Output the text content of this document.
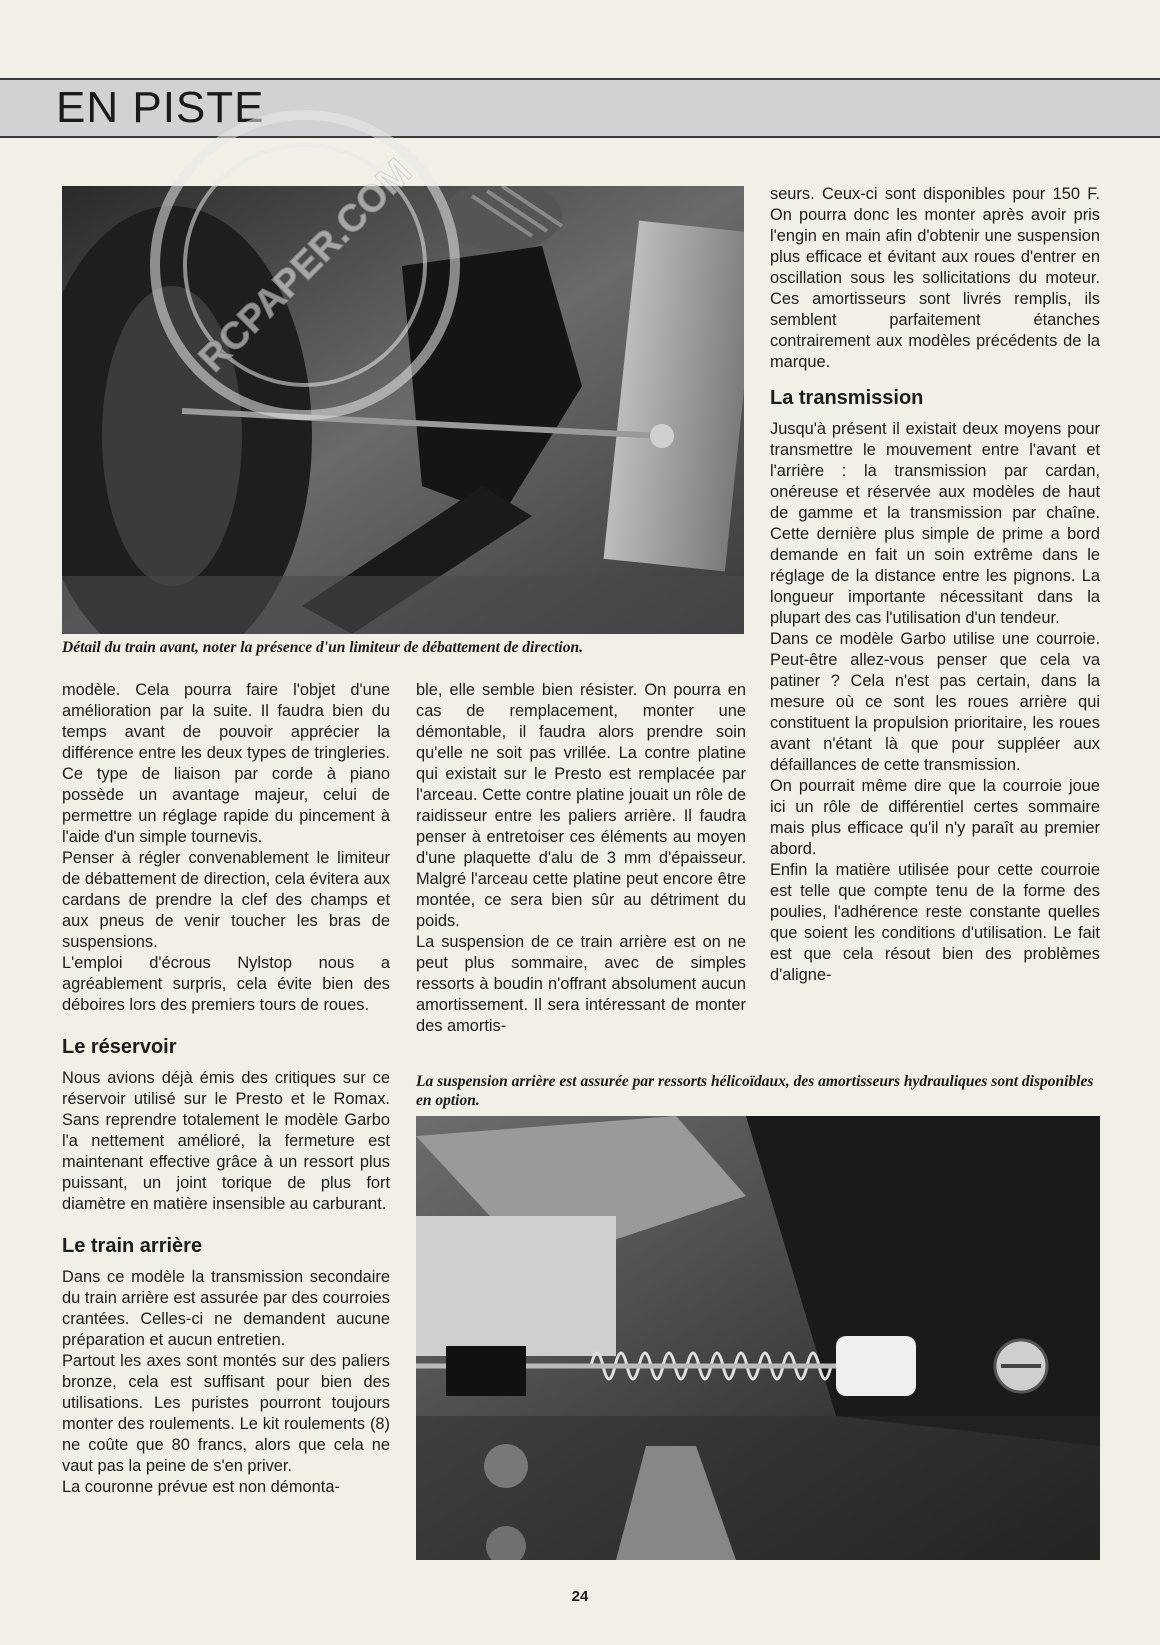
EN PISTE
Détail du train avant, noter la présence d'un limiteur de débattement de direction.
RCPAPER.COM

modèle. Cela pourra faire l'objet d'une amélioration par la suite. Il faudra bien du temps avant de pouvoir apprécier la différence entre les deux types de tringleries. Ce type de liaison par corde à piano possède un avantage majeur, celui de permettre un réglage rapide du pincement à l'aide d'un simple tournevis.

Penser à régler convenablement le limiteur de débattement de direction, cela évitera aux cardans de prendre la clef des champs et aux pneus de venir toucher les bras de suspensions.

L'emploi d'écrous Nylstop nous a agréablement surpris, cela évite bien des déboires lors des premiers tours de roues.

Le réservoir

Nous avions déjà émis des critiques sur ce réservoir utilisé sur le Presto et le Romax. Sans reprendre totalement le modèle Garbo l'a nettement amélioré, la fermeture est maintenant effective grâce à un ressort plus puissant, un joint torique de plus fort diamètre en matière insensible au carburant.

Le train arrière

Dans ce modèle la transmission secondaire du train arrière est assurée par des courroies crantées. Celles-ci ne demandent aucune préparation et aucun entretien.

Partout les axes sont montés sur des paliers bronze, cela est suffisant pour bien des utilisations. Les puristes pourront toujours monter des roulements. Le kit roulements (8) ne coûte que 80 francs, alors que cela ne vaut pas la peine de s'en priver.

La couronne prévue est non démonta-

ble, elle semble bien résister. On pourra en cas de remplacement, monter une démontable, il faudra alors prendre soin qu'elle ne soit pas vrillée. La contre platine qui existait sur le Presto est remplacée par l'arceau. Cette contre platine jouait un rôle de raidisseur entre les paliers arrière. Il faudra penser à entretoiser ces éléments au moyen d'une plaquette d'alu de 3 mm d'épaisseur. Malgré l'arceau cette platine peut encore être montée, ce sera bien sûr au détriment du poids.

La suspension de ce train arrière est on ne peut plus sommaire, avec de simples ressorts à boudin n'offrant absolument aucun amortissement. Il sera intéressant de monter des amortis-

seurs. Ceux-ci sont disponibles pour 150 F. On pourra donc les monter après avoir pris l'engin en main afin d'obtenir une suspension plus efficace et évitant aux roues d'entrer en oscillation sous les sollicitations du moteur. Ces amortisseurs sont livrés remplis, ils semblent parfaitement étanches contrairement aux modèles précédents de la marque.

La transmission

Jusqu'à présent il existait deux moyens pour transmettre le mouvement entre l'avant et l'arrière : la transmission par cardan, onéreuse et réservée aux modèles de haut de gamme et la transmission par chaîne. Cette dernière plus simple de prime a bord demande en fait un soin extrême dans le réglage de la distance entre les pignons. La longueur importante nécessitant dans la plupart des cas l'utilisation d'un tendeur.

Dans ce modèle Garbo utilise une courroie. Peut-être allez-vous penser que cela va patiner ? Cela n'est pas certain, dans la mesure où ce sont les roues arrière qui constituent la propulsion prioritaire, les roues avant n'étant là que pour suppléer aux défaillances de cette transmission.

On pourrait même dire que la courroie joue ici un rôle de différentiel certes sommaire mais plus efficace qu'il n'y paraît au premier abord.

Enfin la matière utilisée pour cette courroie est telle que compte tenu de la forme des poulies, l'adhérence reste constante quelles que soient les conditions d'utilisation. Le fait est que cela résout bien des problèmes d'aligne-

La suspension arrière est assurée par ressorts hélicoïdaux, des amortisseurs hydrauliques sont disponibles en option.
24
